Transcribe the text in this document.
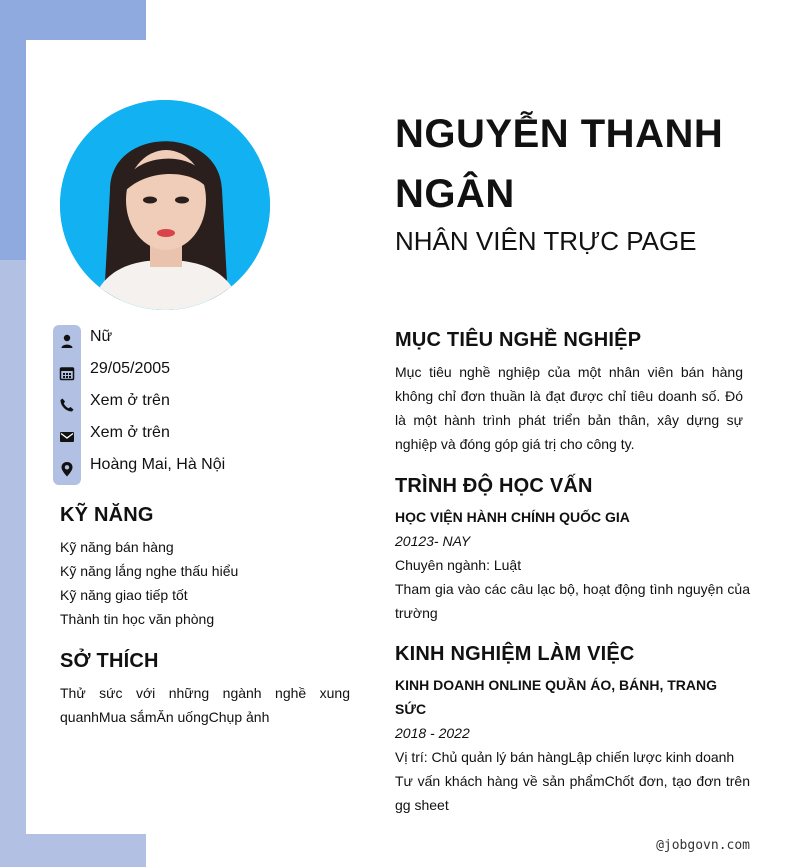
NGUYỄN THANH NGÂN
NHÂN VIÊN TRỰC PAGE
Nữ
29/05/2005
Xem ở trên
Xem ở trên
Hoàng Mai, Hà Nội
KỸ NĂNG
Kỹ năng bán hàng
Kỹ năng lắng nghe thấu hiểu
Kỹ năng giao tiếp tốt
Thành tin học văn phòng
SỞ THÍCH

Thử sức với những ngành nghề xung quanhMua sắmĂn uốngChụp ảnh

MỤC TIÊU NGHỀ NGHIỆP

Mục tiêu nghề nghiệp của một nhân viên bán hàng không chỉ đơn thuần là đạt được chỉ tiêu doanh số. Đó là một hành trình phát triển bản thân, xây dựng sự nghiệp và đóng góp giá trị cho công ty.

TRÌNH ĐỘ HỌC VẤN

HỌC VIỆN HÀNH CHÍNH QUỐC GIA

20123- NAY

Chuyên ngành: Luật

Tham gia vào các câu lạc bộ, hoạt động tình nguyện của trường

KINH NGHIỆM LÀM VIỆC

KINH DOANH ONLINE QUẦN ÁO, BÁNH, TRANG SỨC

2018 - 2022

Vị trí: Chủ quản lý bán hàngLập chiến lược kinh doanh

Tư vấn khách hàng về sản phẩmChốt đơn, tạo đơn trên gg sheet

@jobgovn.com
